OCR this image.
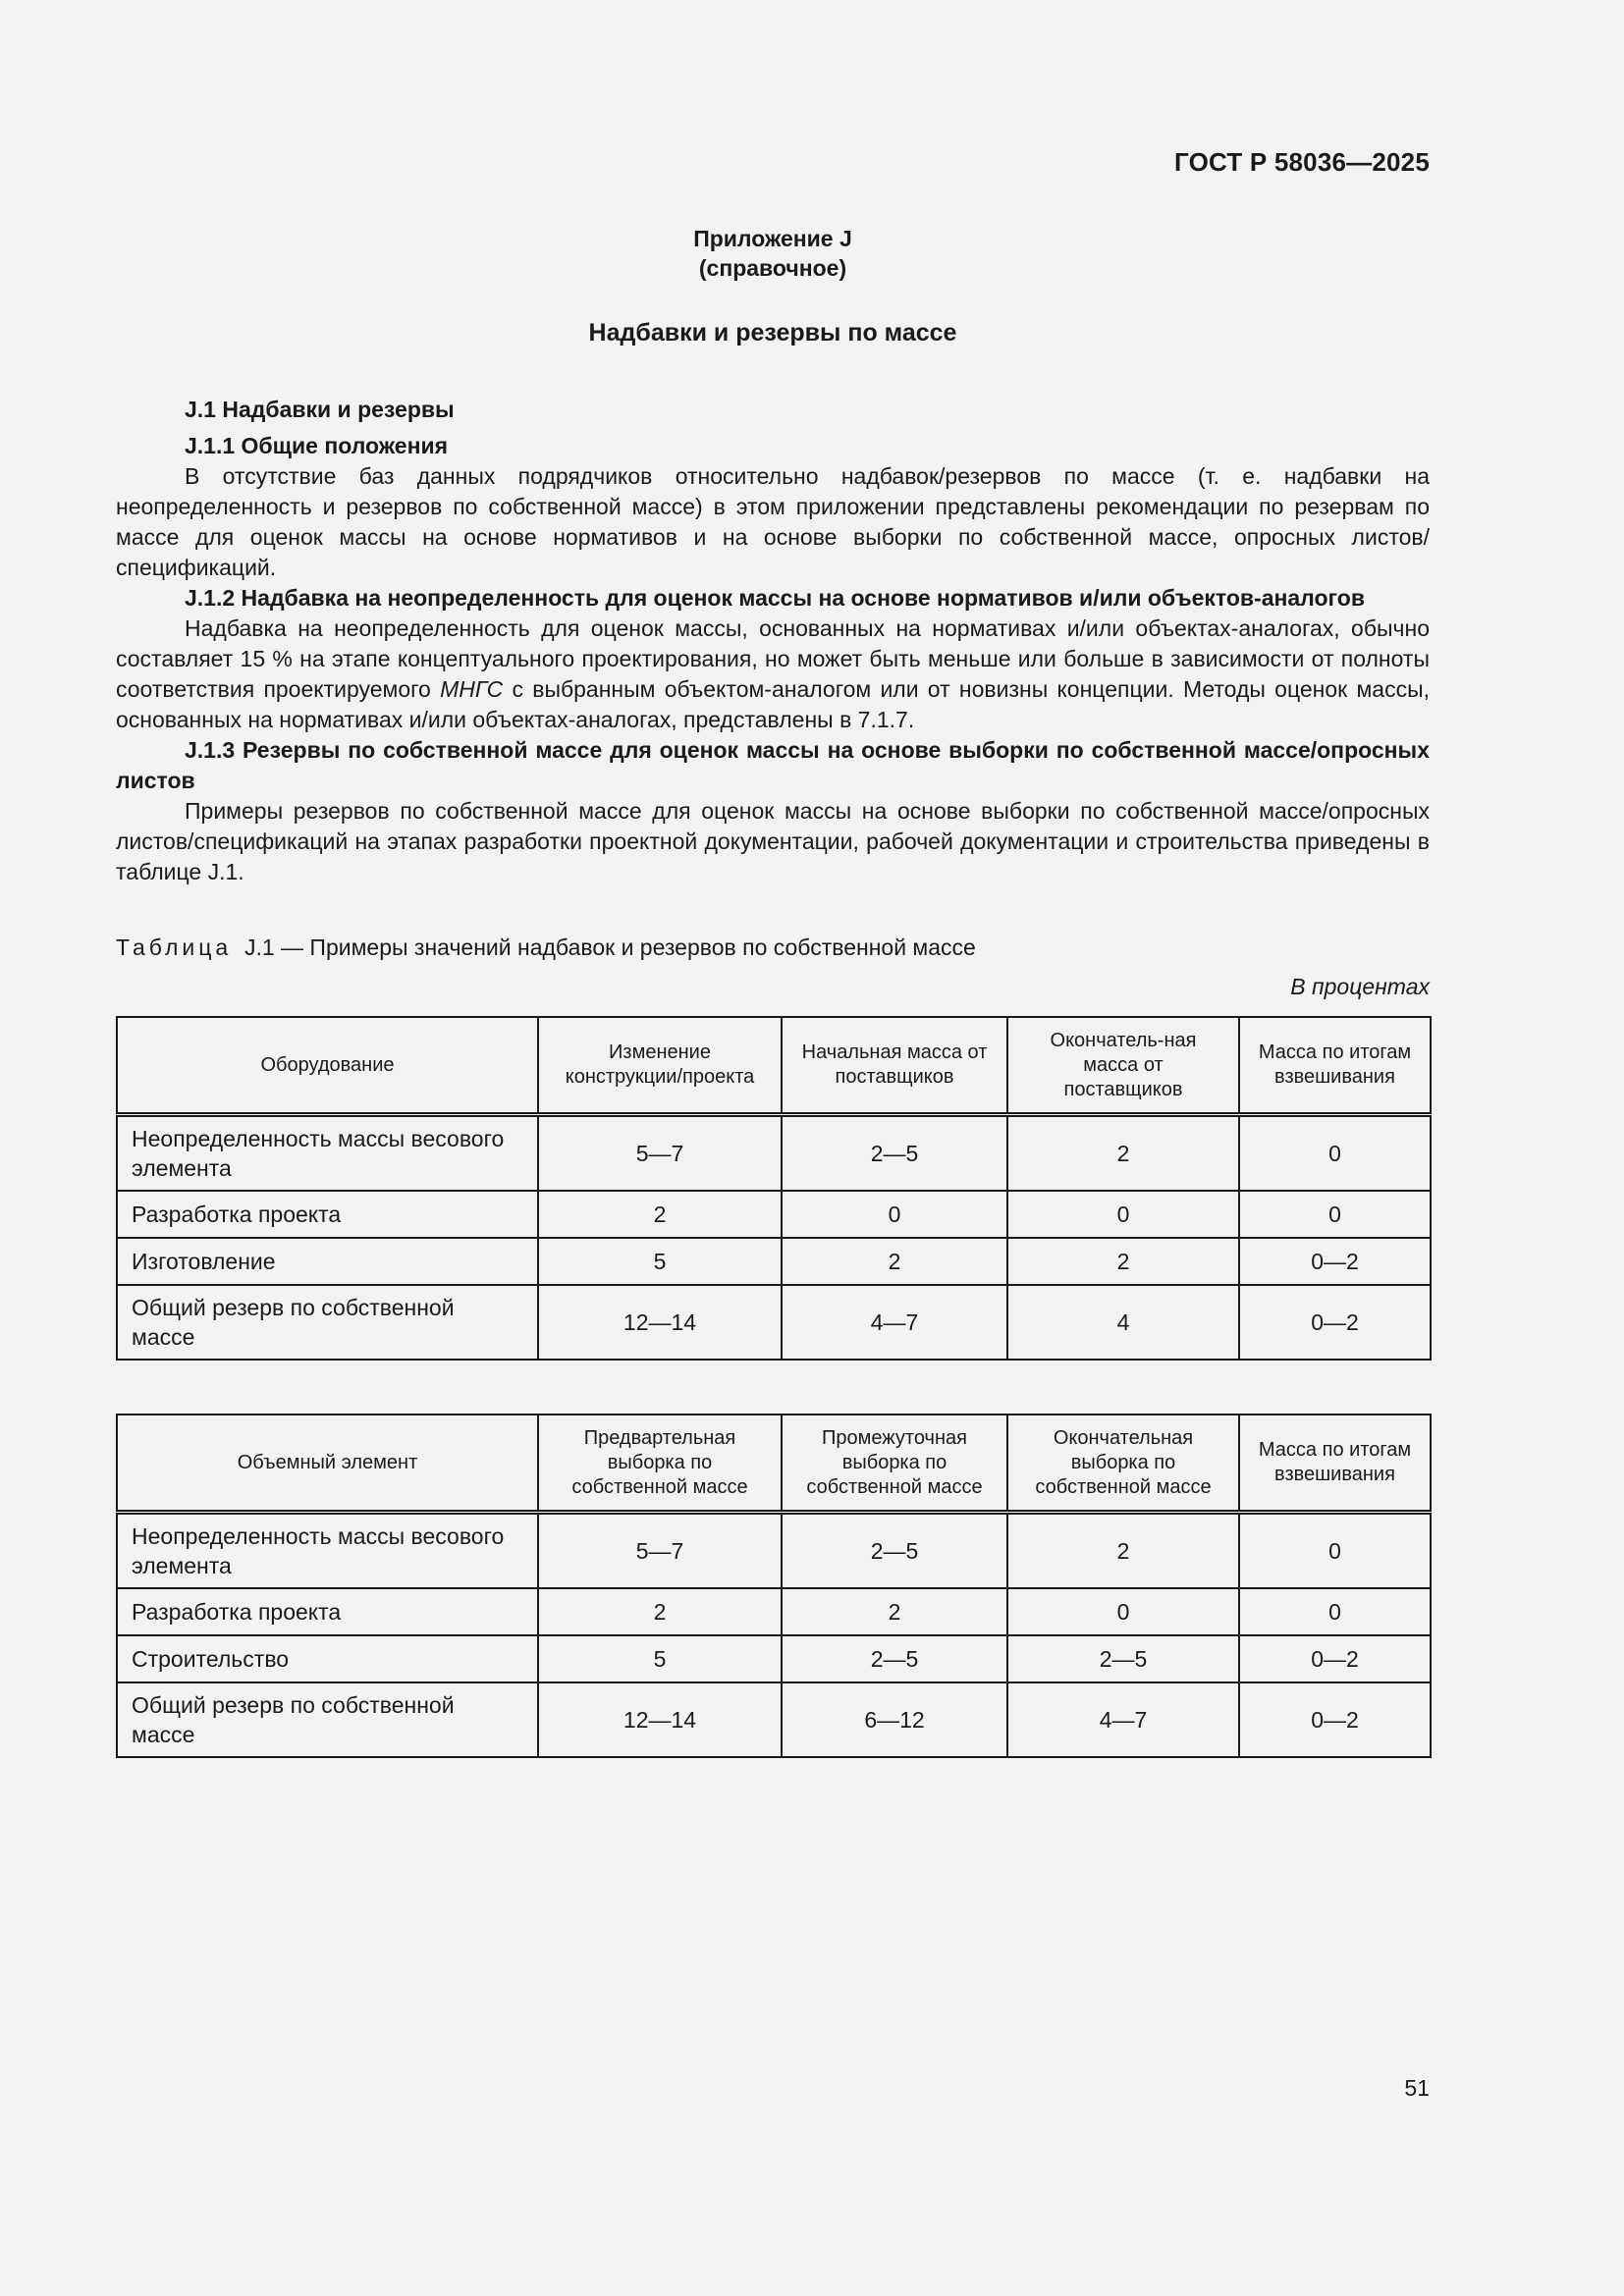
ГОСТ Р 58036—2025
Приложение J
(справочное)
Надбавки и резервы по массе
J.1 Надбавки и резервы
J.1.1 Общие положения

В отсутствие баз данных подрядчиков относительно надбавок/резервов по массе (т. е. надбавки на неопределенность и резервов по собственной массе) в этом приложении представлены рекомендации по резервам по массе для оценок массы на основе нормативов и на основе выборки по собственной массе, опросных листов/спецификаций.

J.1.2 Надбавка на неопределенность для оценок массы на основе нормативов и/или объектов-аналогов

Надбавка на неопределенность для оценок массы, основанных на нормативах и/или объектах-аналогах, обычно составляет 15 % на этапе концептуального проектирования, но может быть меньше или больше в зависимости от полноты соответствия проектируемого МНГС с выбранным объектом-аналогом или от новизны концепции. Методы оценок массы, основанных на нормативах и/или объектах-аналогах, представлены в 7.1.7.

J.1.3 Резервы по собственной массе для оценок массы на основе выборки по собственной массе/опросных листов

Примеры резервов по собственной массе для оценок массы на основе выборки по собственной массе/опросных листов/спецификаций на этапах разработки проектной документации, рабочей документации и строительства приведены в таблице J.1.

Таблица J.1 — Примеры значений надбавок и резервов по собственной массе
В процентах
Оборудование	Изменение конструкции/проекта	Начальная масса от поставщиков	Окончатель-ная масса от поставщиков	Масса по итогам взвешивания
Неопределенность массы весового элемента	5—7	2—5	2	0
Разработка проекта	2	0	0	0
Изготовление	5	2	2	0—2
Общий резерв по собственной массе	12—14	4—7	4	0—2
Объемный элемент	Предвартельная выборка по собственной массе	Промежуточная выборка по собственной массе	Окончательная выборка по собственной массе	Масса по итогам взвешивания
Неопределенность массы весового элемента	5—7	2—5	2	0
Разработка проекта	2	2	0	0
Строительство	5	2—5	2—5	0—2
Общий резерв по собственной массе	12—14	6—12	4—7	0—2
51
